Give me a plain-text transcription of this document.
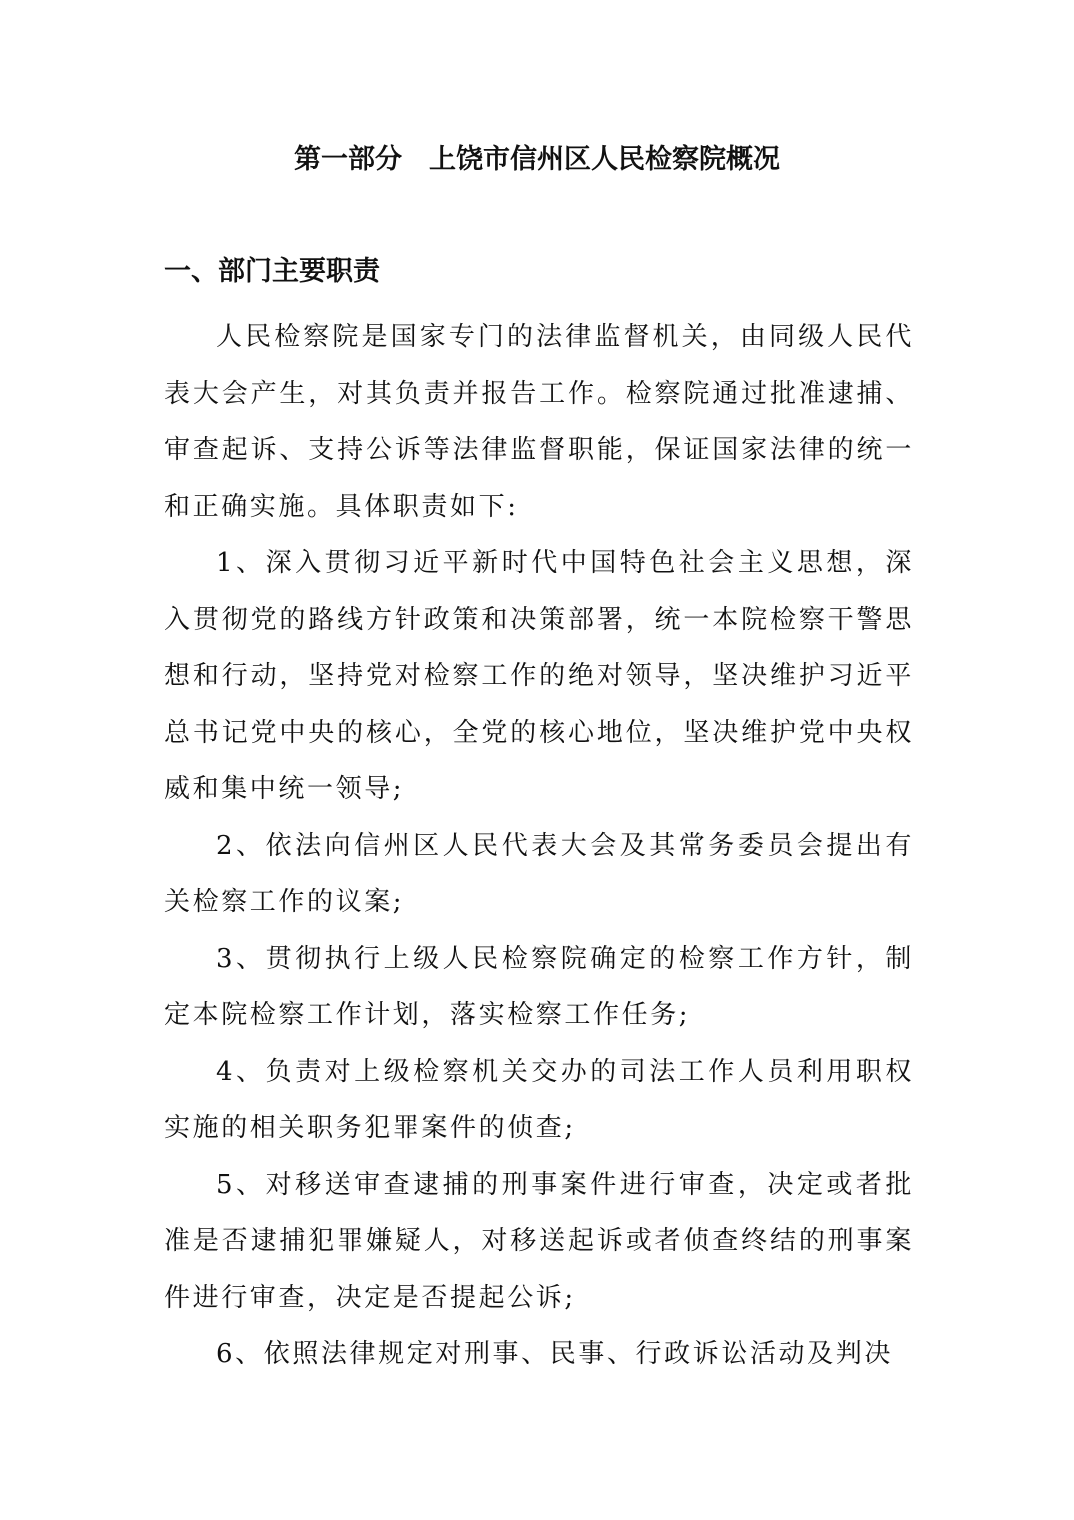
第一部分　上饶市信州区人民检察院概况
一、部门主要职责

人民检察院是国家专门的法律监督机关，由同级人民代表大会产生，对其负责并报告工作。检察院通过批准逮捕、审查起诉、支持公诉等法律监督职能，保证国家法律的统一和正确实施。具体职责如下:

1、深入贯彻习近平新时代中国特色社会主义思想，深入贯彻党的路线方针政策和决策部署，统一本院检察干警思想和行动，坚持党对检察工作的绝对领导，坚决维护习近平总书记党中央的核心，全党的核心地位，坚决维护党中央权威和集中统一领导;

2、依法向信州区人民代表大会及其常务委员会提出有关检察工作的议案;

3、贯彻执行上级人民检察院确定的检察工作方针，制定本院检察工作计划，落实检察工作任务;

4、负责对上级检察机关交办的司法工作人员利用职权实施的相关职务犯罪案件的侦查;

5、对移送审查逮捕的刑事案件进行审查，决定或者批准是否逮捕犯罪嫌疑人，对移送起诉或者侦查终结的刑事案件进行审查，决定是否提起公诉;

6、依照法律规定对刑事、民事、行政诉讼活动及判决
